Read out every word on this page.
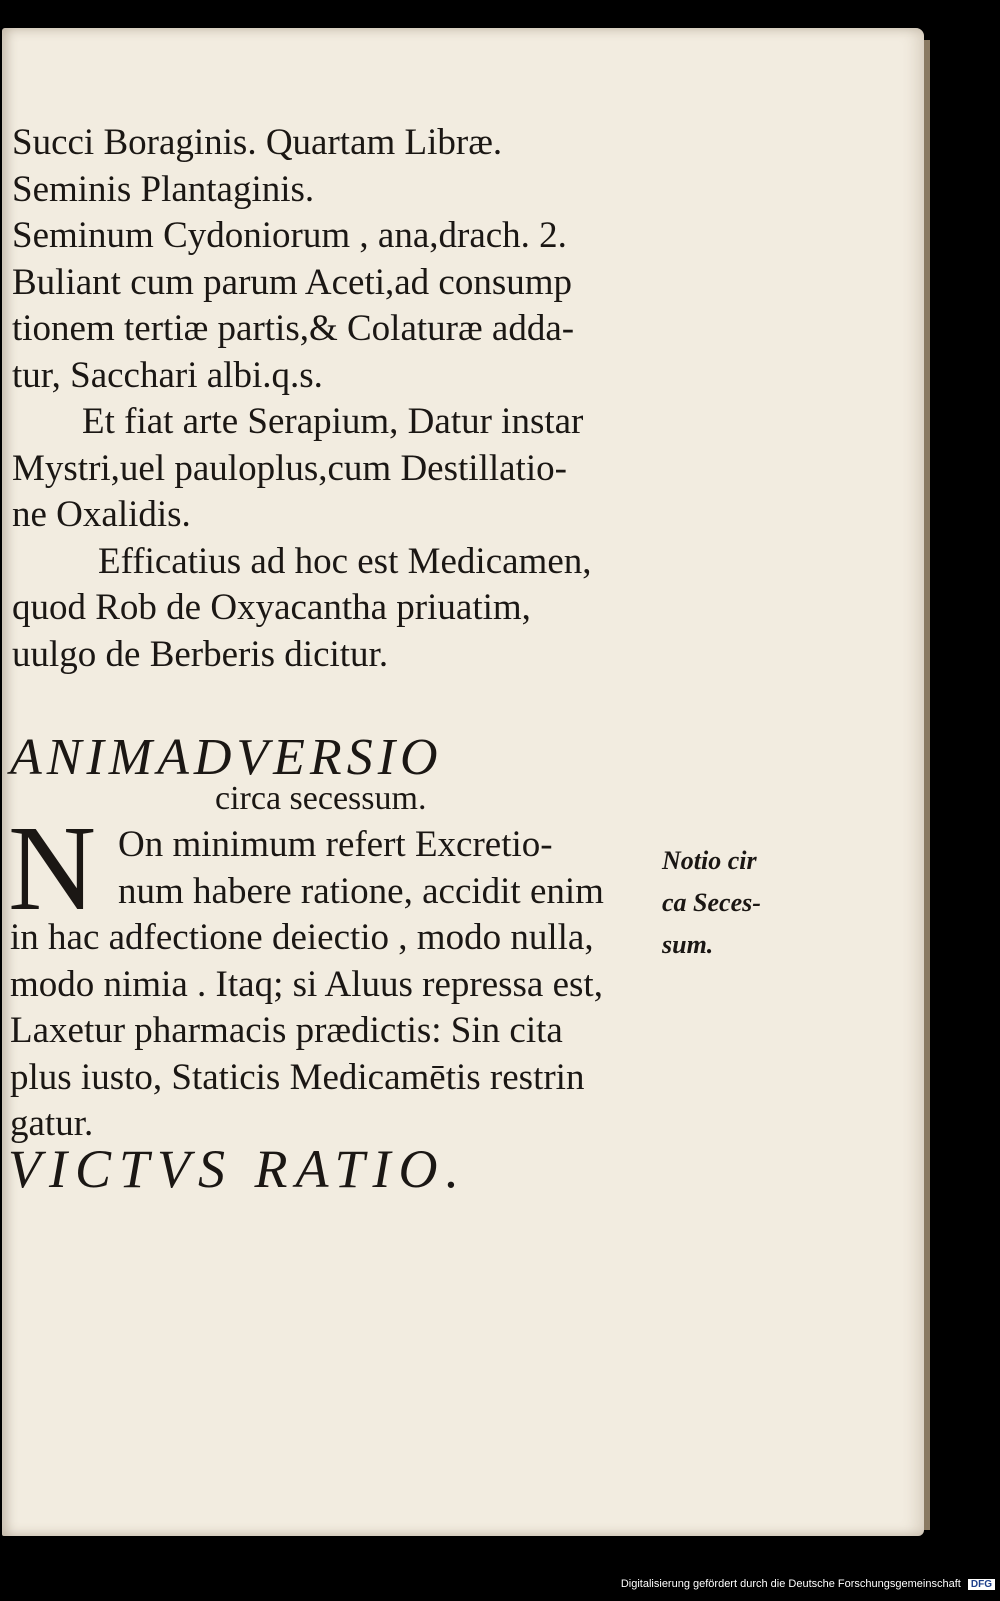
Succi Boraginis. Quartam Libræ.
Seminis Plantaginis.
Seminum Cydoniorum , ana,drach. 2.
Buliant cum parum Aceti,ad consump
tionem tertiæ partis,& Colaturæ adda-
tur, Sacchari albi.q.s.
Et fiat arte Serapium, Datur instar
Mystri,uel pauloplus,cum Destillatio-
ne Oxalidis.
Efficatius ad hoc est Medicamen,
quod Rob de Oxyacantha priuatim,
uulgo de Berberis dicitur.
ANIMADVERSIO
circa secessum.
N On minimum refert Excretio-
num habere ratione, accidit enim
in hac adfectione deiectio , modo nulla,
modo nimia . Itaq; si Aluus repressa est,
Laxetur pharmacis prædictis: Sin cita
plus iusto, Staticis Medicamētis restrin
gatur.
Notio cir
ca Seces-
sum.
VICTVS RATIO.
Digitalisierung gefördert durch die Deutsche Forschungsgemeinschaft DFG
